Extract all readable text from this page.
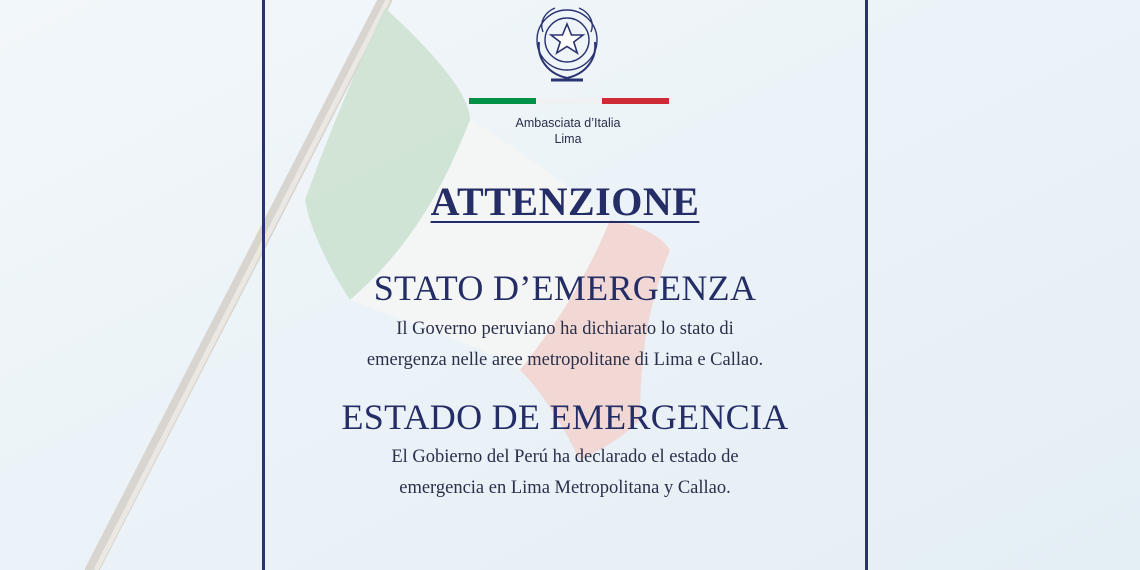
Ambasciata d’Italia
Lima
ATTENZIONE
STATO D’EMERGENZA
Il Governo peruviano ha dichiarato lo stato di
emergenza nelle aree metropolitane di Lima e Callao.
ESTADO DE EMERGENCIA
El Gobierno del Perú ha declarado el estado de
emergencia en Lima Metropolitana y Callao.
